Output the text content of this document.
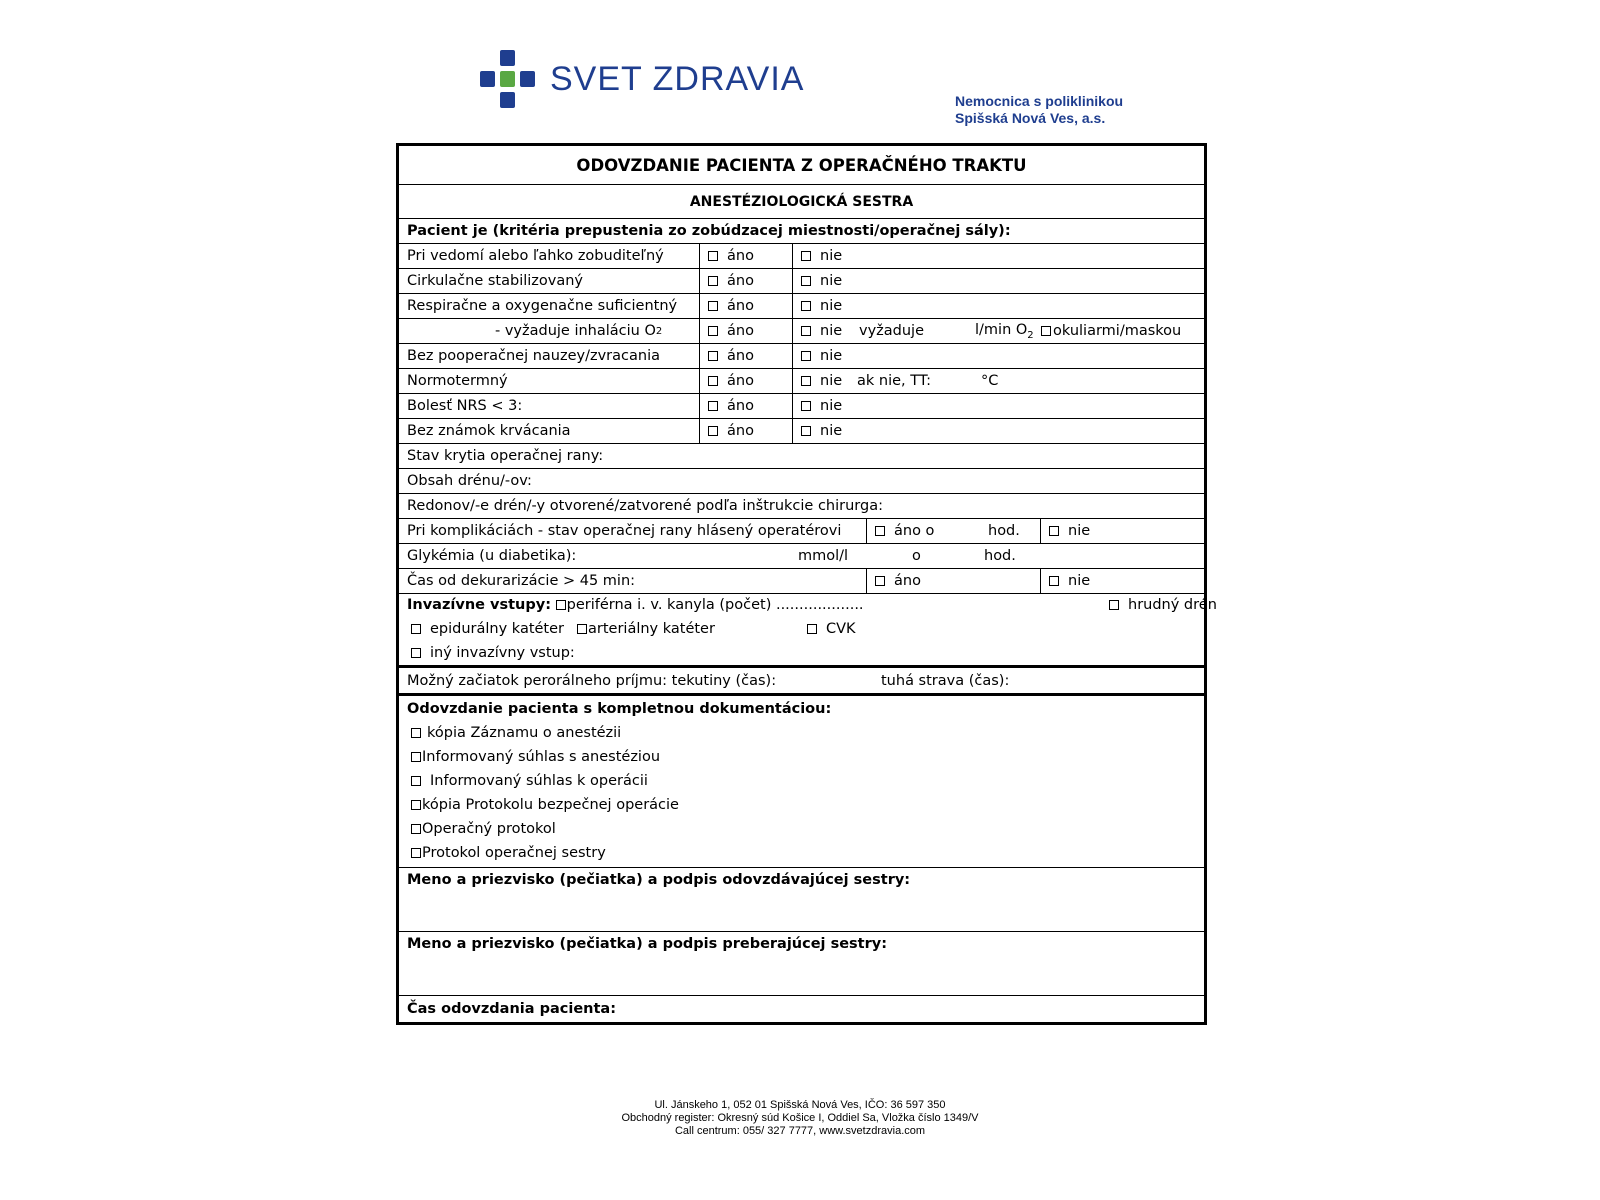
SVET ZDRAVIA
Nemocnica s poliklinikou
Spišská Nová Ves, a.s.
ODOVZDANIE PACIENTA Z OPERAČNÉHO TRAKTU
ANESTÉZIOLOGICKÁ SESTRA
Pacient je (kritéria prepustenia zo zobúdzacej miestnosti/operačnej sály):
Pri vedomí alebo ľahko zobuditeľný	áno	nie
Cirkulačne stabilizovaný	áno	nie
Respiračne a oxygenačne suficientný	áno	nie
- vyžaduje inhaláciu O 2	áno	nie vyžaduje	l/min $O_2$	okuliarmi/maskou
Bez pooperačnej nauzey/zvracania	áno	nie
Normotermný	áno	nie ak nie, TT:	°C
Bolesť NRS < 3:	áno	nie
Bez známok krvácania	áno	nie
Stav krytia operačnej rany:
Obsah drénu/-ov:
Redonov/-e drén/-y otvorené/zatvorené podľa inštrukcie chirurga:
Pri komplikáciách - stav operačnej rany hlásený operatérovi	áno o	hod.	nie
Glykémia (u diabetika):	mmol/l	o	hod.
Čas od dekurarizácie > 45 min:	áno	nie
Invazívne vstupy: periférna i. v. kanyla (počet) ...................	hrudný drén
epidurálny katéter	arteriálny katéter	CVK
iný invazívny vstup:
Možný začiatok perorálneho príjmu: tekutiny (čas):	tuhá strava (čas):
Odovzdanie pacienta s kompletnou dokumentáciou:
kópia Záznamu o anestézii
Informovaný súhlas s anestéziou
Informovaný súhlas k operácii
kópia Protokolu bezpečnej operácie
Operačný protokol
Protokol operačnej sestry
Meno a priezvisko (pečiatka) a podpis odovzdávajúcej sestry:
Meno a priezvisko (pečiatka) a podpis preberajúcej sestry:
Čas odovzdania pacienta:
Ul. Jánskeho 1, 052 01 Spišská Nová Ves, IČO: 36 597 350
Obchodný register: Okresný súd Košice I, Oddiel Sa, Vložka číslo 1349/V
Call centrum: 055/ 327 7777, www.svetzdravia.com
